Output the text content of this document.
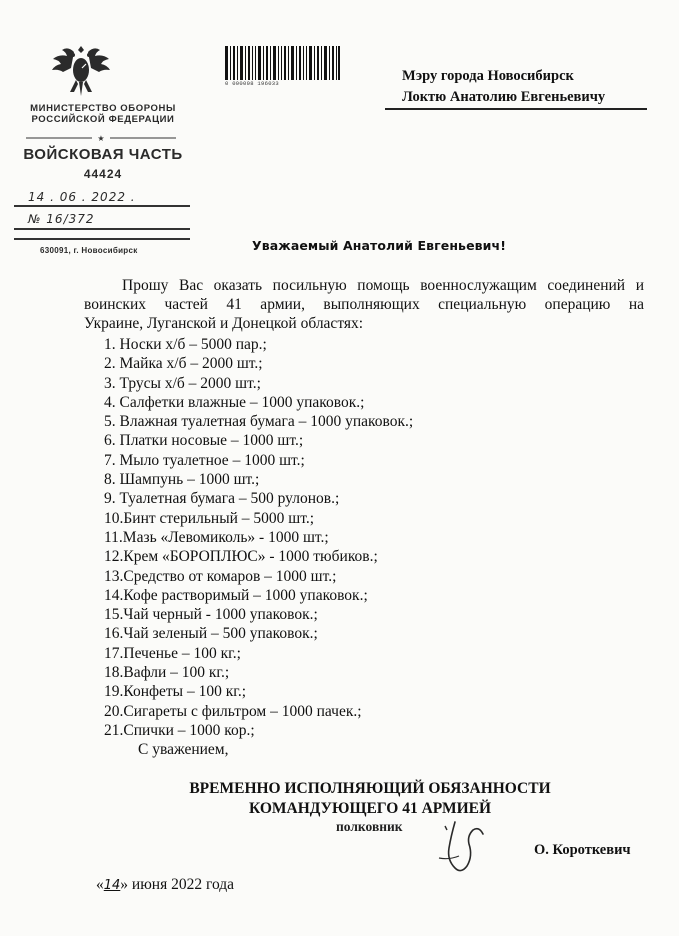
МИНИСТЕРСТВО ОБОРОНЫ
РОССИЙСКОЙ ФЕДЕРАЦИИ
★
ВОЙСКОВАЯ ЧАСТЬ
44424
14 . 06 . 2022 .
№ 16/372
630091, г. Новосибирск
0 000008 196033	Мэру города Новосибирск
Локтю Анатолию Евгеньевичу
Уважаемый Анатолий Евгеньевич!
Прошу Вас оказать посильную помощь военнослужащим соединений и
воинских частей 41 армии, выполняющих специальную операцию на
Украине, Луганской и Донецкой областях:
1. Носки х/б – 5000 пар.;
2. Майка х/б – 2000 шт.;
3. Трусы х/б – 2000 шт.;
4. Салфетки влажные – 1000 упаковок.;
5. Влажная туалетная бумага – 1000 упаковок.;
6. Платки носовые – 1000 шт.;
7. Мыло туалетное – 1000 шт.;
8. Шампунь – 1000 шт.;
9. Туалетная бумага – 500 рулонов.;
10.Бинт стерильный – 5000 шт.;
11.Мазь «Левомиколь» - 1000 шт.;
12.Крем «БОРОПЛЮС» - 1000 тюбиков.;
13.Средство от комаров – 1000 шт.;
14.Кофе растворимый – 1000 упаковок.;
15.Чай черный - 1000 упаковок.;
16.Чай зеленый – 500 упаковок.;
17.Печенье – 100 кг.;
18.Вафли – 100 кг.;
19.Конфеты – 100 кг.;
20.Сигареты с фильтром – 1000 пачек.;
21.Спички – 1000 кор.;
С уважением,
ВРЕМЕННО ИСПОЛНЯЮЩИЙ ОБЯЗАННОСТИ
КОМАНДУЮЩЕГО 41 АРМИЕЙ
полковник
О. Короткевич
«14» июня 2022 года
